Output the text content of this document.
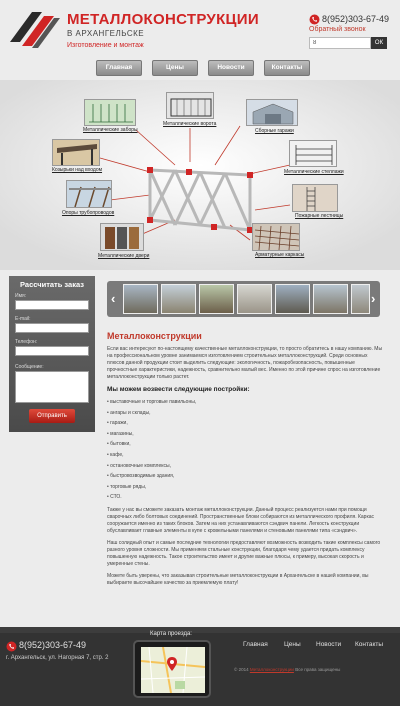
МЕТАЛЛОКОНСТРУКЦИИ
В АРХАНГЕЛЬСКЕ
Изготовление и монтаж
8(952)303-67-49
Обратный звонок
8
ОК
Главная	Цены	Новости	Контакты
Металлические заборы
Металлические ворота
Сборные гаражи
Козырьки над входом	Металлические стеллажи
Опоры трубопроводов	Пожарные лестницы
Металлические двери	Арматурные каркасы
Рассчитать заказ
Имя:
E-mail:
Телефон:
Сообщение:
Отправить
‹	›
Металлоконструкции

Если вас интересуют по-настоящему качественные металлоконструкции, то просто обратитесь в нашу компанию. Мы на профессиональном уровне занимаемся изготовлением строительных металлоконструкций. Среди основных плюсов данной продукции стоит выделить следующие: экологичность, пожаробезопасность, повышенные прочностные характеристики, надежность, сравнительно малый вес. Именно по этой причине спрос на изготовление металлоконструкции только растет.

Мы можем возвести следующие постройки:
• выставочные и торговые павильоны,
• ангары и склады,
• гаражи,
• магазины,
• бытовки,
• кафе,
• остановочные комплексы,
• быстровозводимые здания,
• торговые ряды,
• СТО.

Также у нас вы сможете заказать монтаж металлоконструкции. Данный процесс реализуется нами при помощи сварочных либо болтовых соединений. Пространственные блоки собираются из металлического профиля. Каркас сооружается именно из таких блоков. Затем на них устанавливаются сэндвич панели. Легкость конструкции обуславливает главные элементы в купе с кровельными панелями и стеновыми панелями типа «сэндвич».

Наш солидный опыт и самые последние технологии предоставляют возможность возводить такие комплексы самого разного уровня сложности. Мы применяем стальные конструкции, благодаря чему удается придать комплексу повышенную надежность. Такое строительство имеет и другие важные плюсы, к примеру, высокая скорость и умеренные стены.

Можете быть уверены, что заказывая строительные металлоконструкции в Архангельске в нашей компании, вы выбираете высочайшее качество за приемлемую плату!

8(952)303-67-49
г. Архангельск, ул. Нагорная 7, стр. 2
Карта проезда:
Главная	Цены Новости Контакты
© 2014 Металлоконструкции Все права защищены
